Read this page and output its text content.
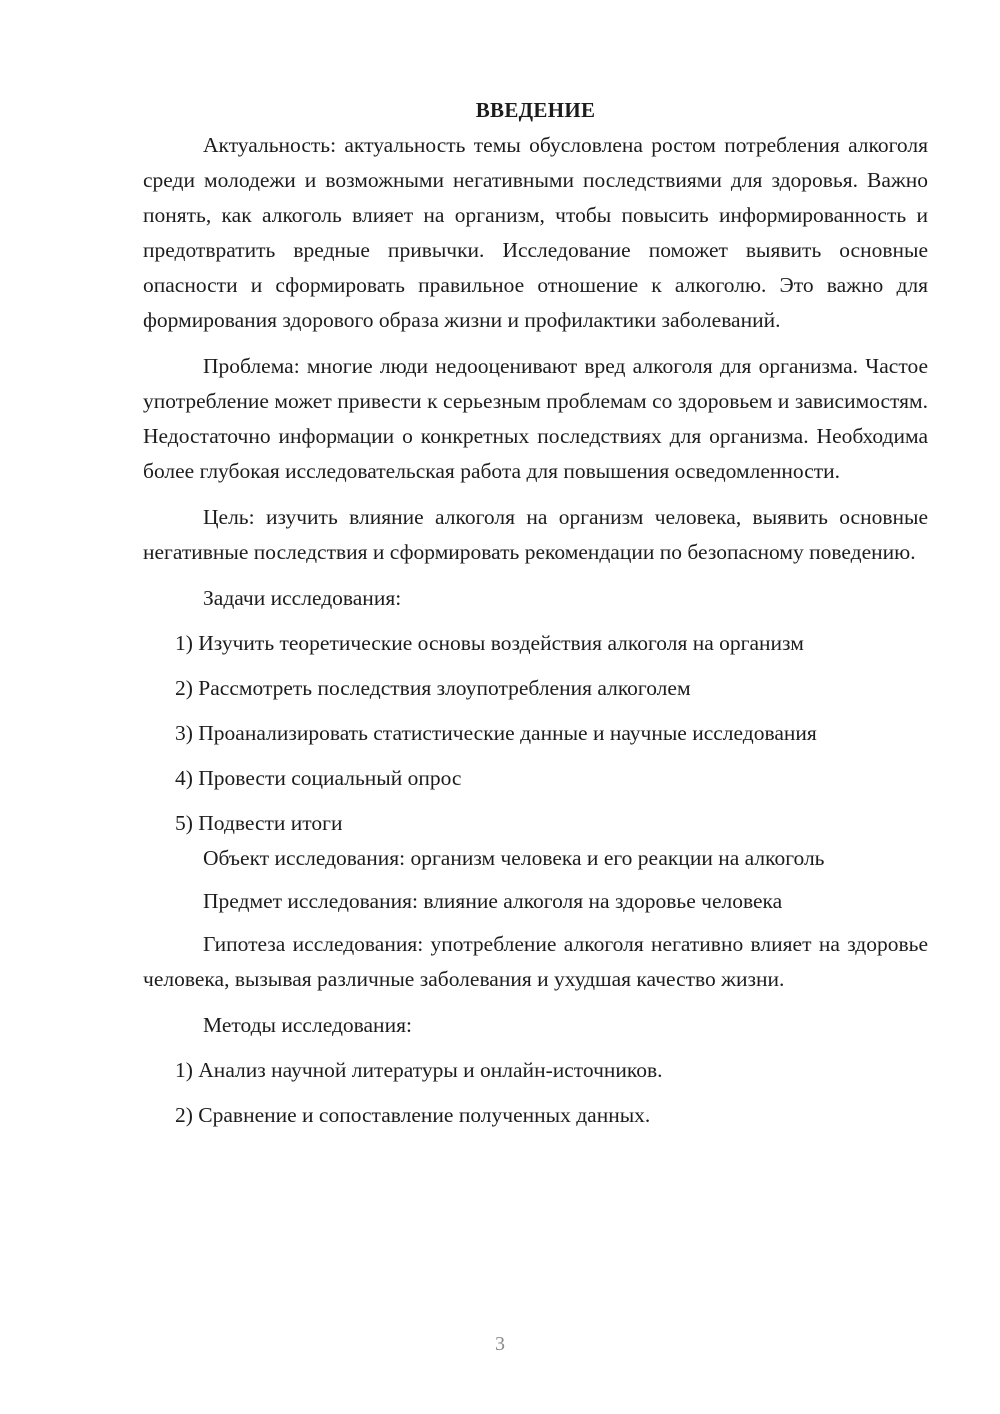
ВВЕДЕНИЕ

Актуальность: актуальность темы обусловлена ростом потребления алкоголя среди молодежи и возможными негативными последствиями для здоровья. Важно понять, как алкоголь влияет на организм, чтобы повысить информированность и предотвратить вредные привычки. Исследование поможет выявить основные опасности и сформировать правильное отношение к алкоголю. Это важно для формирования здорового образа жизни и профилактики заболеваний.

Проблема: многие люди недооценивают вред алкоголя для организма. Частое употребление может привести к серьезным проблемам со здоровьем и зависимостям. Недостаточно информации о конкретных последствиях для организма. Необходима более глубокая исследовательская работа для повышения осведомленности.

Цель: изучить влияние алкоголя на организм человека, выявить основные негативные последствия и сформировать рекомендации по безопасному поведению.

Задачи исследования:
1) Изучить теоретические основы воздействия алкоголя на организм
2) Рассмотреть последствия злоупотребления алкоголем
3) Проанализировать статистические данные и научные исследования
4) Провести социальный опрос
5) Подвести итоги
Объект исследования: организм человека и его реакции на алкоголь
Предмет исследования: влияние алкоголя на здоровье человека

Гипотеза исследования: употребление алкоголя негативно влияет на здоровье человека, вызывая различные заболевания и ухудшая качество жизни.

Методы исследования:
1) Анализ научной литературы и онлайн-источников.
2) Сравнение и сопоставление полученных данных.
3
